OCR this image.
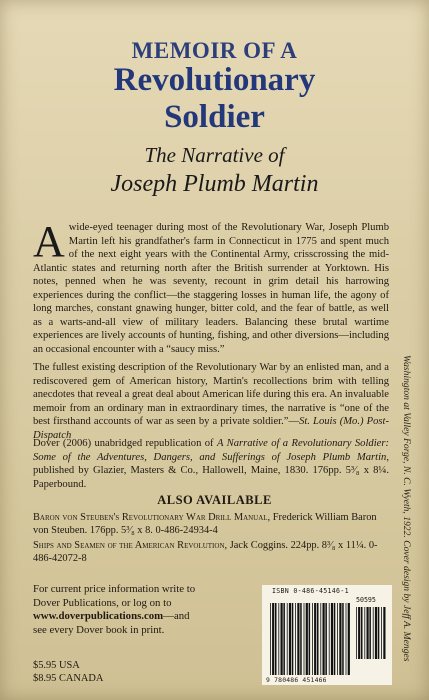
MEMOIR OF A
Revolutionary
Soldier
The Narrative of
Joseph Plumb Martin
Awide-eyed teenager during most of the Revolutionary War, Joseph Plumb Martin left his grandfather's farm in Connecticut in 1775 and spent much of the next eight years with the Continental Army, crisscrossing the mid-Atlantic states and returning north after the British surrender at Yorktown. His notes, penned when he was seventy, recount in grim detail his harrowing experiences during the conflict—the staggering losses in human life, the agony of long marches, constant gnawing hunger, bitter cold, and the fear of battle, as well as a warts-and-all view of military leaders. Balancing these brutal wartime experiences are lively accounts of hunting, fishing, and other diversions—including an occasional encounter with a “saucy miss.”
The fullest existing description of the Revolutionary War by an enlisted man, and a rediscovered gem of American history, Martin's recollections brim with telling anecdotes that reveal a great deal about American life during this era. An invaluable memoir from an ordinary man in extraordinary times, the narrative is “one of the best firsthand accounts of war as seen by a private soldier.”—St. Louis (Mo.) Post-Dispatch
Dover (2006) unabridged republication of A Narrative of a Revolutionary Soldier: Some of the Adventures, Dangers, and Sufferings of Joseph Plumb Martin, published by Glazier, Masters & Co., Hallowell, Maine, 1830. 176pp. 5³⁄₈ x 8¼. Paperbound.
ALSO AVAILABLE
Baron von Steuben's Revolutionary War Drill Manual, Frederick William Baron von Steuben. 176pp. 5³⁄₈ x 8. 0-486-24934-4
Ships and Seamen of the American Revolution, Jack Coggins. 224pp. 8³⁄₈ x 11¼. 0-486-42072-8
For current price information write to
Dover Publications, or log on to
www.doverpublications.com—and
see every Dover book in print.
$5.95 USA
$8.95 CANADA
Washington at Valley Forge, N. C. Wyeth, 1922. Cover design by Jeff A. Menges
ISBN 0-486-45146-1
50595
9 780486 451466
